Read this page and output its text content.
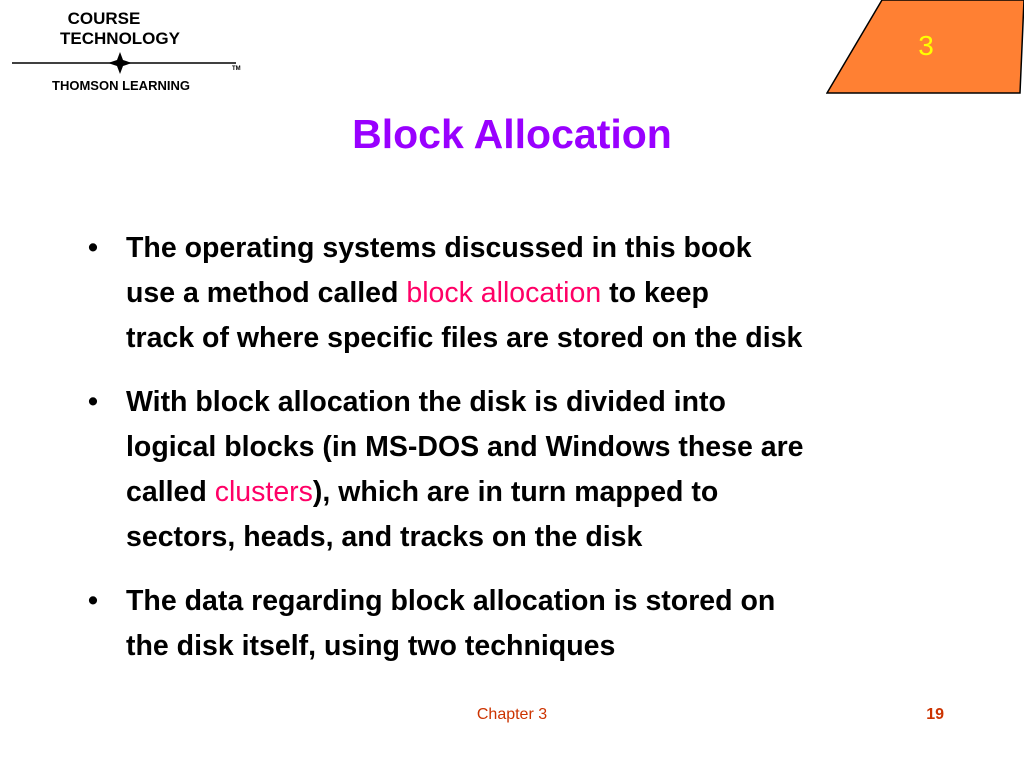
COURSE
TECHNOLOGY
TM
THOMSON LEARNING
3
Block Allocation
• The operating systems discussed in this book
use a method called block allocation to keep
track of where specific files are stored on the disk
• With block allocation the disk is divided into
logical blocks (in MS-DOS and Windows these are
called clusters), which are in turn mapped to
sectors, heads, and tracks on the disk
• The data regarding block allocation is stored on
the disk itself, using two techniques
Chapter 3	19
